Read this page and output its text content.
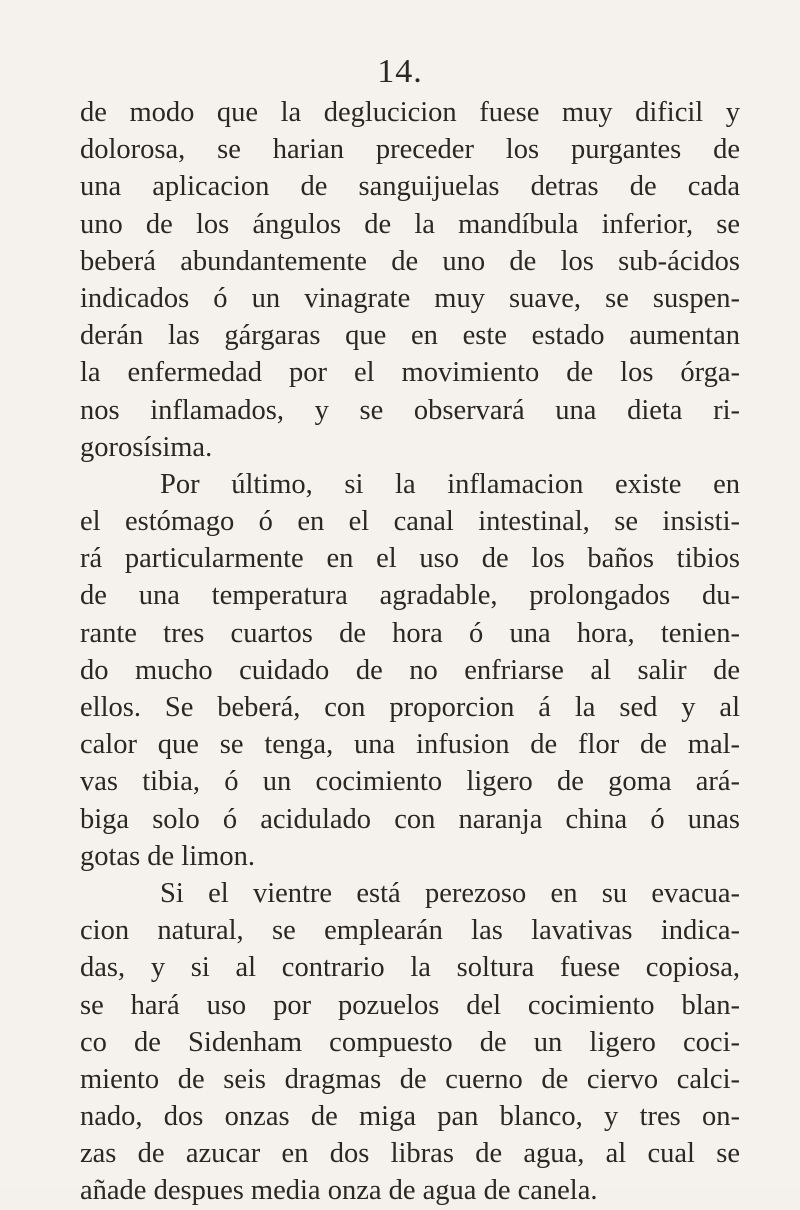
14.
de modo que la deglucicion fuese muy dificil y
dolorosa, se harian preceder los purgantes de
una aplicacion de sanguijuelas detras de cada
uno de los ángulos de la mandíbula inferior, se
beberá abundantemente de uno de los sub-ácidos
indicados ó un vinagrate muy suave, se suspen-
derán las gárgaras que en este estado aumentan
la enfermedad por el movimiento de los órga-
nos inflamados, y se observará una dieta ri-
gorosísima.
Por último, si la inflamacion existe en
el estómago ó en el canal intestinal, se insisti-
rá particularmente en el uso de los baños tibios
de una temperatura agradable, prolongados du-
rante tres cuartos de hora ó una hora, tenien-
do mucho cuidado de no enfriarse al salir de
ellos. Se beberá, con proporcion á la sed y al
calor que se tenga, una infusion de flor de mal-
vas tibia, ó un cocimiento ligero de goma ará-
biga solo ó acidulado con naranja china ó unas
gotas de limon.
Si el vientre está perezoso en su evacua-
cion natural, se emplearán las lavativas indica-
das, y si al contrario la soltura fuese copiosa,
se hará uso por pozuelos del cocimiento blan-
co de Sidenham compuesto de un ligero coci-
miento de seis dragmas de cuerno de ciervo calci-
nado, dos onzas de miga pan blanco, y tres on-
zas de azucar en dos libras de agua, al cual se
añade despues media onza de agua de canela.
